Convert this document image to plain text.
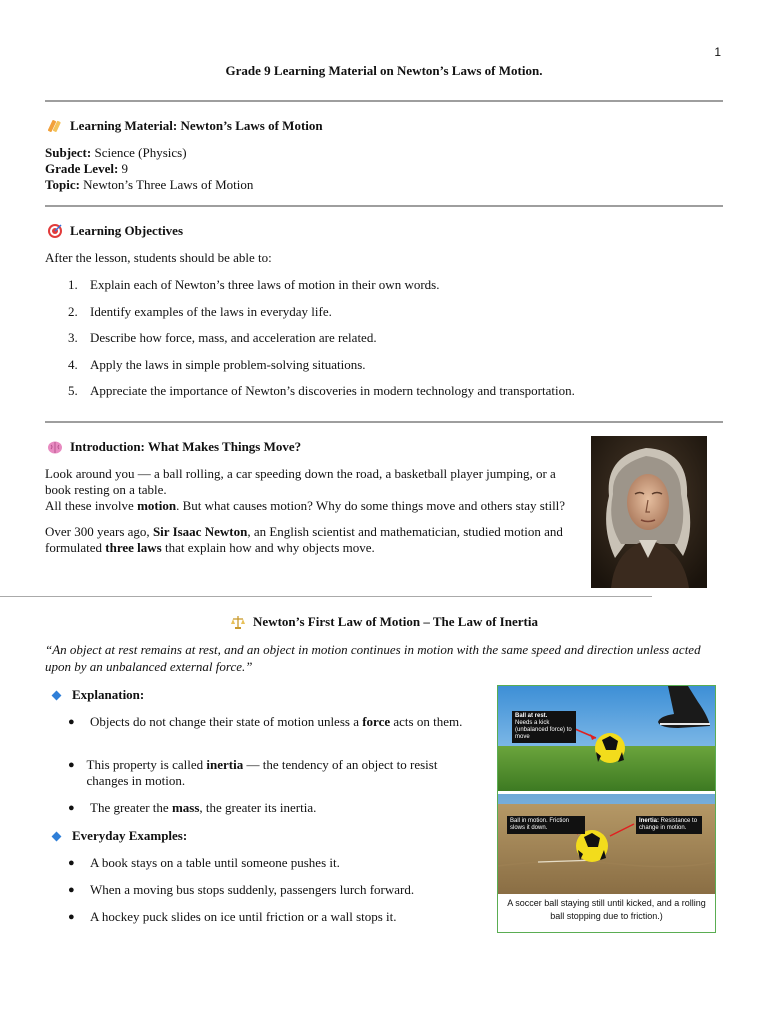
1
Grade 9 Learning Material on Newton’s Laws of Motion.
Learning Material: Newton’s Laws of Motion
Subject: Science (Physics)
Grade Level: 9
Topic: Newton’s Three Laws of Motion
Learning Objectives

After the lesson, students should be able to:

1. Explain each of Newton’s three laws of motion in their own words.
2. Identify examples of the laws in everyday life.
3. Describe how force, mass, and acceleration are related.
4. Apply the laws in simple problem-solving situations.
5. Appreciate the importance of Newton’s discoveries in modern technology and transportation.
Introduction: What Makes Things Move?

Look around you — a ball rolling, a car speeding down the road, a basketball player jumping, or a book resting on a table.

All these involve motion. But what causes motion? Why do some things move and others stay still?

Over 300 years ago, Sir Isaac Newton, an English scientist and mathematician, studied motion and formulated three laws that explain how and why objects move.

Newton’s First Law of Motion – The Law of Inertia

“An object at rest remains at rest, and an object in motion continues in motion with the same speed and direction unless acted upon by an unbalanced external force.”

Explanation:
●	Objects do not change their state of motion unless a force acts on them.

● This property is called inertia — the tendency of an object to resist changes in motion.

●	The greater the mass, the greater its inertia.

Everyday Examples:
●	A book stays on a table until someone pushes it.

●	When a moving bus stops suddenly, passengers lurch forward.

●	A hockey puck slides on ice until friction or a wall stops it.

Ball at rest.
Needs a kick (unbalanced force) to move
Ball in motion. Friction slows it down.
Inertia: Resistance to change in motion.
A soccer ball staying still until kicked, and a rolling ball stopping due to friction.)
